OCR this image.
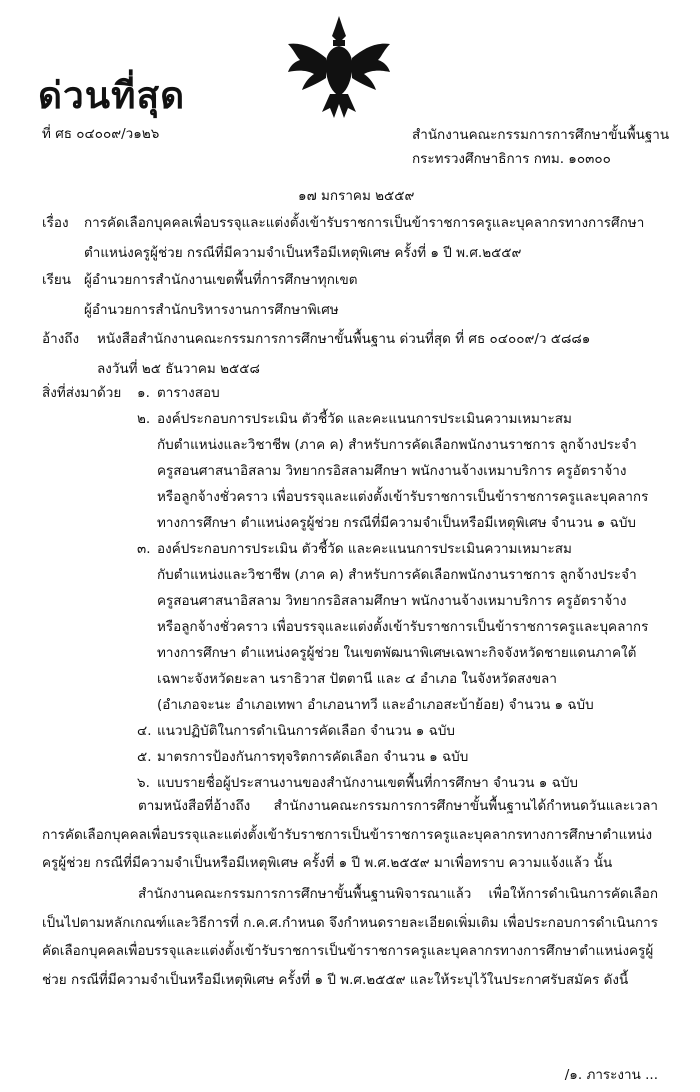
ด่วนที่สุด
ที่ ศธ ๐๔๐๐๙/ว๑๒๖	สำนักงานคณะกรรมการการศึกษาขั้นพื้นฐาน
กระทรวงศึกษาธิการ กทม. ๑๐๓๐๐
๑๗ มกราคม ๒๕๕๙
เรื่อง	การคัดเลือกบุคคลเพื่อบรรจุและแต่งตั้งเข้ารับราชการเป็นข้าราชการครูและบุคลากรทางการศึกษา
ตำแหน่งครูผู้ช่วย กรณีที่มีความจำเป็นหรือมีเหตุพิเศษ ครั้งที่ ๑ ปี พ.ศ.๒๕๕๙
เรียน ผู้อำนวยการสำนักงานเขตพื้นที่การศึกษาทุกเขต
ผู้อำนวยการสำนักบริหารงานการศึกษาพิเศษ
อ้างถึง	หนังสือสำนักงานคณะกรรมการการศึกษาขั้นพื้นฐาน ด่วนที่สุด ที่ ศธ ๐๔๐๐๙/ว ๕๘๘๑
ลงวันที่ ๒๕ ธันวาคม ๒๕๕๘
สิ่งที่ส่งมาด้วย	๑. ตารางสอบ
๒. องค์ประกอบการประเมิน ตัวชี้วัด และคะแนนการประเมินความเหมาะสม
กับตำแหน่งและวิชาชีพ (ภาค ค) สำหรับการคัดเลือกพนักงานราชการ ลูกจ้างประจำ
ครูสอนศาสนาอิสลาม วิทยากรอิสลามศึกษา พนักงานจ้างเหมาบริการ ครูอัตราจ้าง
หรือลูกจ้างชั่วคราว เพื่อบรรจุและแต่งตั้งเข้ารับราชการเป็นข้าราชการครูและบุคลากร
ทางการศึกษา ตำแหน่งครูผู้ช่วย กรณีที่มีความจำเป็นหรือมีเหตุพิเศษ จำนวน ๑ ฉบับ
๓. องค์ประกอบการประเมิน ตัวชี้วัด และคะแนนการประเมินความเหมาะสม
กับตำแหน่งและวิชาชีพ (ภาค ค) สำหรับการคัดเลือกพนักงานราชการ ลูกจ้างประจำ
ครูสอนศาสนาอิสลาม วิทยากรอิสลามศึกษา พนักงานจ้างเหมาบริการ ครูอัตราจ้าง
หรือลูกจ้างชั่วคราว เพื่อบรรจุและแต่งตั้งเข้ารับราชการเป็นข้าราชการครูและบุคลากร
ทางการศึกษา ตำแหน่งครูผู้ช่วย ในเขตพัฒนาพิเศษเฉพาะกิจจังหวัดชายแดนภาคใต้
เฉพาะจังหวัดยะลา นราธิวาส ปัตตานี และ ๔ อำเภอ ในจังหวัดสงขลา
(อำเภอจะนะ อำเภอเทพา อำเภอนาทวี และอำเภอสะบ้าย้อย) จำนวน ๑ ฉบับ
๔. แนวปฏิบัติในการดำเนินการคัดเลือก จำนวน ๑ ฉบับ
๕. มาตรการป้องกันการทุจริตการคัดเลือก จำนวน ๑ ฉบับ
๖. แบบรายชื่อผู้ประสานงานของสำนักงานเขตพื้นที่การศึกษา จำนวน ๑ ฉบับ
ตามหนังสือที่อ้างถึง สำนักงานคณะกรรมการการศึกษาขั้นพื้นฐานได้กำหนดวันและเวลาการคัดเลือกบุคคลเพื่อบรรจุและแต่งตั้งเข้ารับราชการเป็นข้าราชการครูและบุคลากรทางการศึกษาตำแหน่งครูผู้ช่วย กรณีที่มีความจำเป็นหรือมีเหตุพิเศษ ครั้งที่ ๑ ปี พ.ศ.๒๕๕๙ มาเพื่อทราบ ความแจ้งแล้ว นั้น
สำนักงานคณะกรรมการการศึกษาขั้นพื้นฐานพิจารณาแล้ว เพื่อให้การดำเนินการคัดเลือกเป็นไปตามหลักเกณฑ์และวิธีการที่ ก.ค.ศ.กำหนด จึงกำหนดรายละเอียดเพิ่มเติม เพื่อประกอบการดำเนินการคัดเลือกบุคคลเพื่อบรรจุและแต่งตั้งเข้ารับราชการเป็นข้าราชการครูและบุคลากรทางการศึกษาตำแหน่งครูผู้ช่วย กรณีที่มีความจำเป็นหรือมีเหตุพิเศษ ครั้งที่ ๑ ปี พ.ศ.๒๕๕๙ และให้ระบุไว้ในประกาศรับสมัคร ดังนี้
/๑. ภาระงาน ...
